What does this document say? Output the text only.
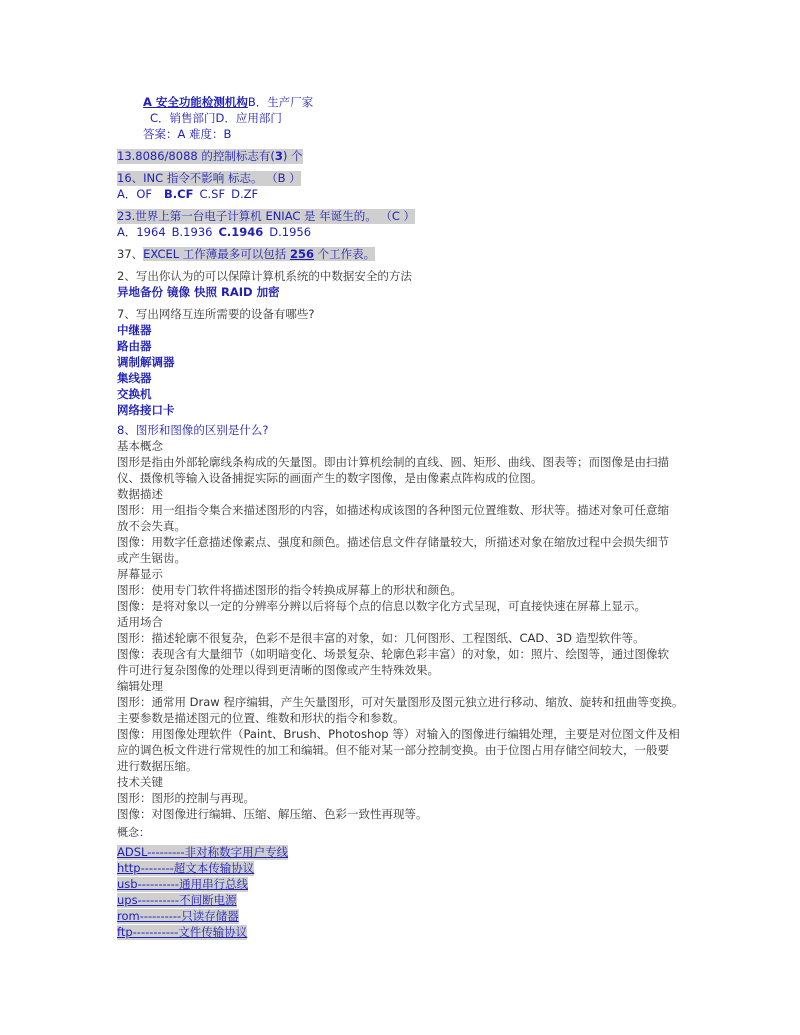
A 安全功能检测机构B．生产厂家
C．销售部门D．应用部门
答案：A 难度：B
13.8086/8088 的控制标志有(3) 个
16、INC 指令不影响 标志。 （B ）
A．OF B.CF C.SF D.ZF
23.世界上第一台电子计算机 ENIAC 是 年诞生的。 （C ）
A．1964 B.1936 C.1946 D.1956
37、EXCEL 工作薄最多可以包括 256 个工作表。
2、写出你认为的可以保障计算机系统的中数据安全的方法
异地备份 镜像 快照 RAID 加密
7、写出网络互连所需要的设备有哪些?
中继器
路由器
调制解调器
集线器
交换机
网络接口卡
8、图形和图像的区别是什么?
基本概念
图形是指由外部轮廓线条构成的矢量图。即由计算机绘制的直线、圆、矩形、曲线、图表等；而图像是由扫描
仪、摄像机等输入设备捕捉实际的画面产生的数字图像，是由像素点阵构成的位图。
数据描述
图形：用一组指令集合来描述图形的内容，如描述构成该图的各种图元位置维数、形状等。描述对象可任意缩
放不会失真。
图像：用数字任意描述像素点、强度和颜色。描述信息文件存储量较大，所描述对象在缩放过程中会损失细节
或产生锯齿。
屏幕显示
图形：使用专门软件将描述图形的指令转换成屏幕上的形状和颜色。
图像：是将对象以一定的分辨率分辨以后将每个点的信息以数字化方式呈现，可直接快速在屏幕上显示。
适用场合
图形：描述轮廓不很复杂，色彩不是很丰富的对象，如：几何图形、工程图纸、CAD、3D 造型软件等。
图像：表现含有大量细节（如明暗变化、场景复杂、轮廓色彩丰富）的对象，如：照片、绘图等，通过图像软
件可进行复杂图像的处理以得到更清晰的图像或产生特殊效果。
编辑处理
图形：通常用 Draw 程序编辑，产生矢量图形，可对矢量图形及图元独立进行移动、缩放、旋转和扭曲等变换。
主要参数是描述图元的位置、维数和形状的指令和参数。
图像：用图像处理软件（Paint、Brush、Photoshop 等）对输入的图像进行编辑处理，主要是对位图文件及相
应的调色板文件进行常规性的加工和编辑。但不能对某一部分控制变换。由于位图占用存储空间较大，一般要
进行数据压缩。
技术关键
图形：图形的控制与再现。
图像：对图像进行编辑、压缩、解压缩、色彩一致性再现等。
概念：
ADSL---------非对称数字用户专线
http--------超文本传输协议
usb----------通用串行总线
ups----------不间断电源
rom----------只读存储器
ftp-----------文件传输协议
